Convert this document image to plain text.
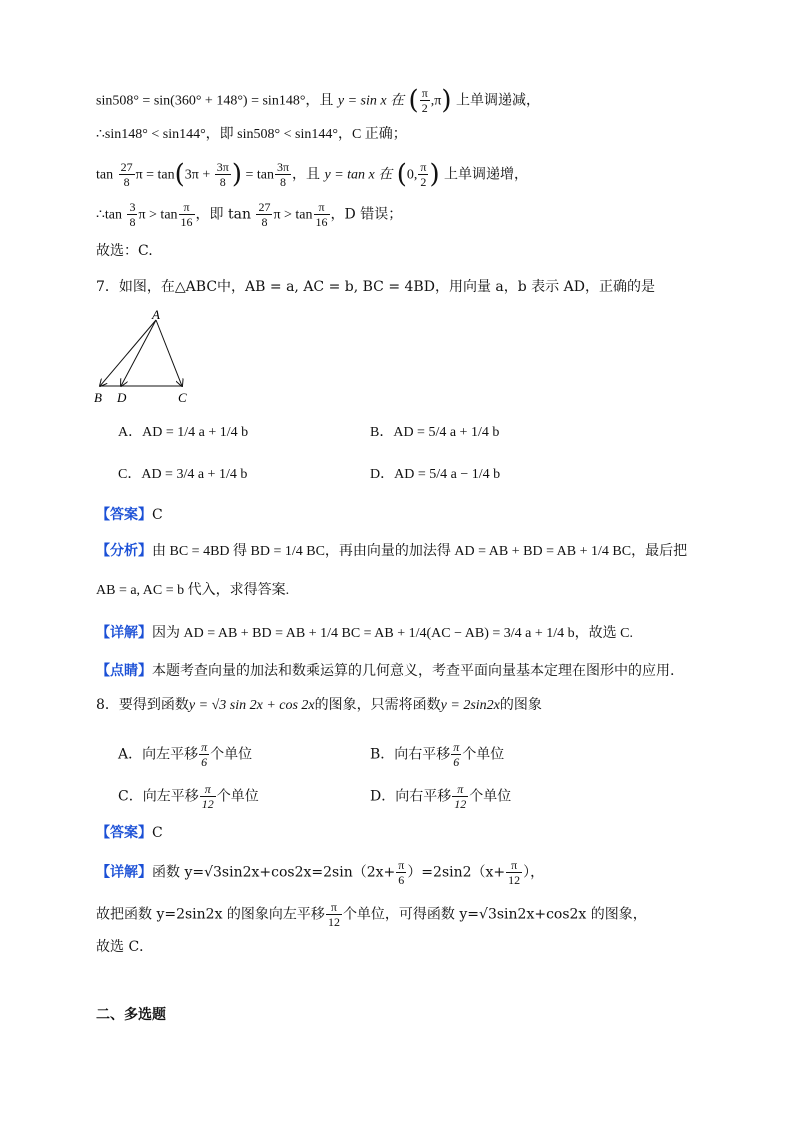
sin508° = sin(360° + 148°) = sin148°，且 y = sin x 在 ( $\frac{\pi}{2} ,\pi$) 上单调递减，
∴sin148° < sin144°，即 sin508° < sin144°，C 正确；
$\tan \frac{27}{8}$ $\pi = \tan(3\pi + \frac{3\pi}{8}$ ) = $\tan \frac{3\pi}{8}$ ，且 y = tan x 在 (0, $\frac{\pi}{2}$ ) 上单调递增，
∴tan $\frac{3}{8}$ $\pi > \tan \frac{\pi}{16}$ ，即 $\tan \frac{27}{8}$ $\pi > \tan \frac{\pi}{16}$ ，D 错误；
故选：C.
7．如图，在△ABC中，AB = a, AC = b, BC = 4BD，用向量 a，b 表示 AD，正确的是
A
B D	C
A．AD = 1/4 a + 1/4 b	B．AD = 5/4 a + 1/4 b
C．AD = 3/4 a + 1/4 b	D．AD = 5/4 a − 1/4 b
【答案】C
【分析】由 BC = 4BD 得 BD = 1/4 BC，再由向量的加法得 AD = AB + BD = AB + 1/4 BC，最后把
AB = a, AC = b 代入，求得答案.
【详解】因为 AD = AB + BD = AB + 1/4 BC = AB + 1/4(AC − AB) = 3/4 a + 1/4 b，故选 C.
【点睛】本题考查向量的加法和数乘运算的几何意义，考查平面向量基本定理在图形中的应用.
8．要得到函数y = √3 sin 2x + cos 2x的图象，只需将函数y = 2sin2x的图象
A．向左平移 $\frac{\pi}{6}$ 个单位	B．向右平移 $\frac{\pi}{6}$ 个单位
C．向左平移 $\frac{\pi}{12}$ 个单位	D．向右平移 $\frac{\pi}{12}$ 个单位
【答案】C
【详解】函数 $y=√3\sin 2x+\cos 2x=2\sin(2x+ \frac{\pi}{6} )=2\sin 2(x+ \frac{\pi}{12}$ ），
故把函数 y=2sin2x 的图象向左平移 $\frac{\pi}{12}$ 个单位，可得函数 y=√3sin2x+cos2x 的图象，
故选 C．
二、多选题
